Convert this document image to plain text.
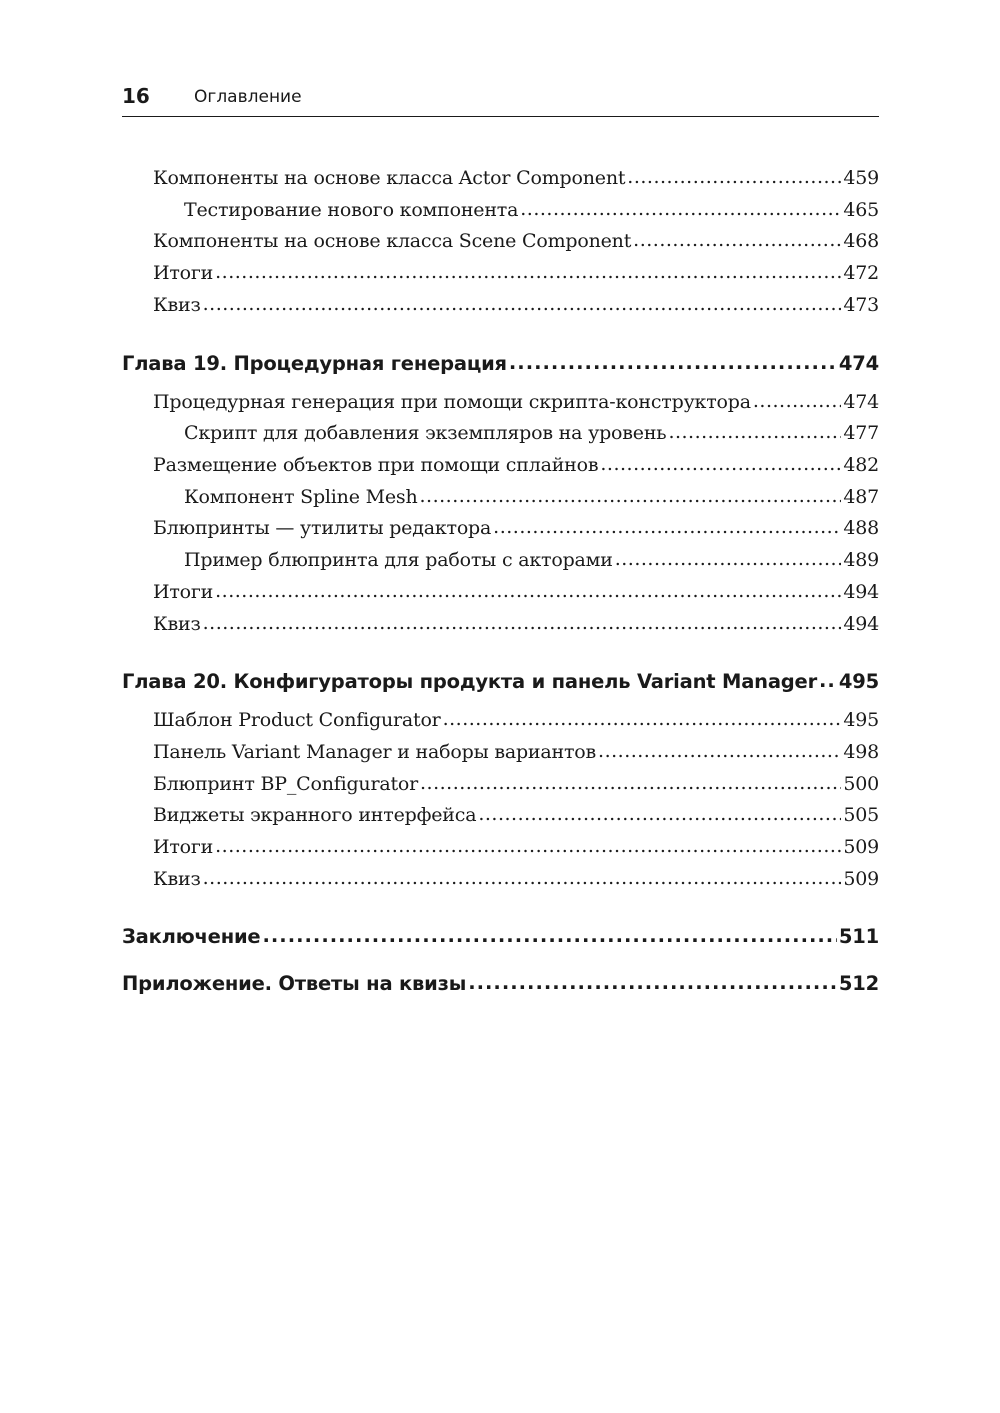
16	Оглавление
Компоненты на основе класса Actor Component .....	459
Тестирование нового компонента .....	465
Компоненты на основе класса Scene Component .....	468
Итоги .....	472
Квиз .....	473
Глава 19. Процедурная генерация .....	474
Процедурная генерация при помощи скрипта-конструктора .....	474
Скрипт для добавления экземпляров на уровень .....	477
Размещение объектов при помощи сплайнов .....	482
Компонент Spline Mesh .....	487
Блюпринты — утилиты редактора .....	488
Пример блюпринта для работы с акторами .....	489
Итоги .....	494
Квиз .....	494
Глава 20. Конфигураторы продукта и панель Variant Manager ..... 495
Шаблон Product Configurator .....	495
Панель Variant Manager и наборы вариантов .....	498
Блюпринт BP_Configurator .....	500
Виджеты экранного интерфейса .....	505
Итоги .....	509
Квиз .....	509
Заключение .....	511
Приложение. Ответы на квизы .....	512
